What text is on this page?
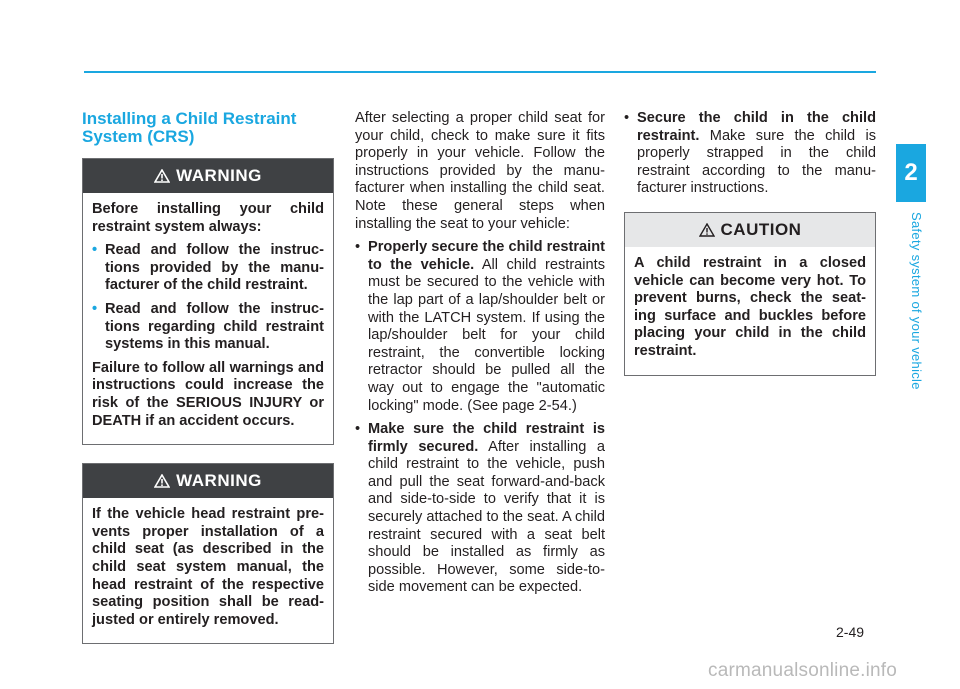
2
Safety system of your vehicle
Installing a Child Restraint System (CRS)
WARNING

Before installing your child restraint system always:

• Read and follow the instruc-tions provided by the manu-facturer of the child restraint.
• Read and follow the instruc-tions regarding child restraint systems in this manual.

Failure to follow all warnings and instructions could increase the risk of the SERIOUS INJURY or DEATH if an accident occurs.

WARNING

If the vehicle head restraint pre-vents proper installation of a child seat (as described in the child seat system manual, the head restraint of the respective seating position shall be read-justed or entirely removed.

After selecting a proper child seat for your child, check to make sure it fits properly in your vehicle. Follow the instructions provided by the manu-facturer when installing the child seat. Note these general steps when installing the seat to your vehicle:

• Properly secure the child restraint to the vehicle. All child restraints must be secured to the vehicle with the lap part of a lap/shoulder belt or with the LATCH system. If using the lap/shoulder belt for your child restraint, the convertible locking retractor should be pulled all the way out to engage the "automatic locking" mode. (See page 2-54.)
• Make sure the child restraint is firmly secured. After installing a child restraint to the vehicle, push and pull the seat forward-and-back and side-to-side to verify that it is securely attached to the seat. A child restraint secured with a seat belt should be installed as firmly as possible. However, some side-to-side movement can be expected.
• Secure the child in the child restraint. Make sure the child is properly strapped in the child restraint according to the manu-facturer instructions.
CAUTION

A child restraint in a closed vehicle can become very hot. To prevent burns, check the seat-ing surface and buckles before placing your child in the child restraint.

2-49
carmanualsonline.info
